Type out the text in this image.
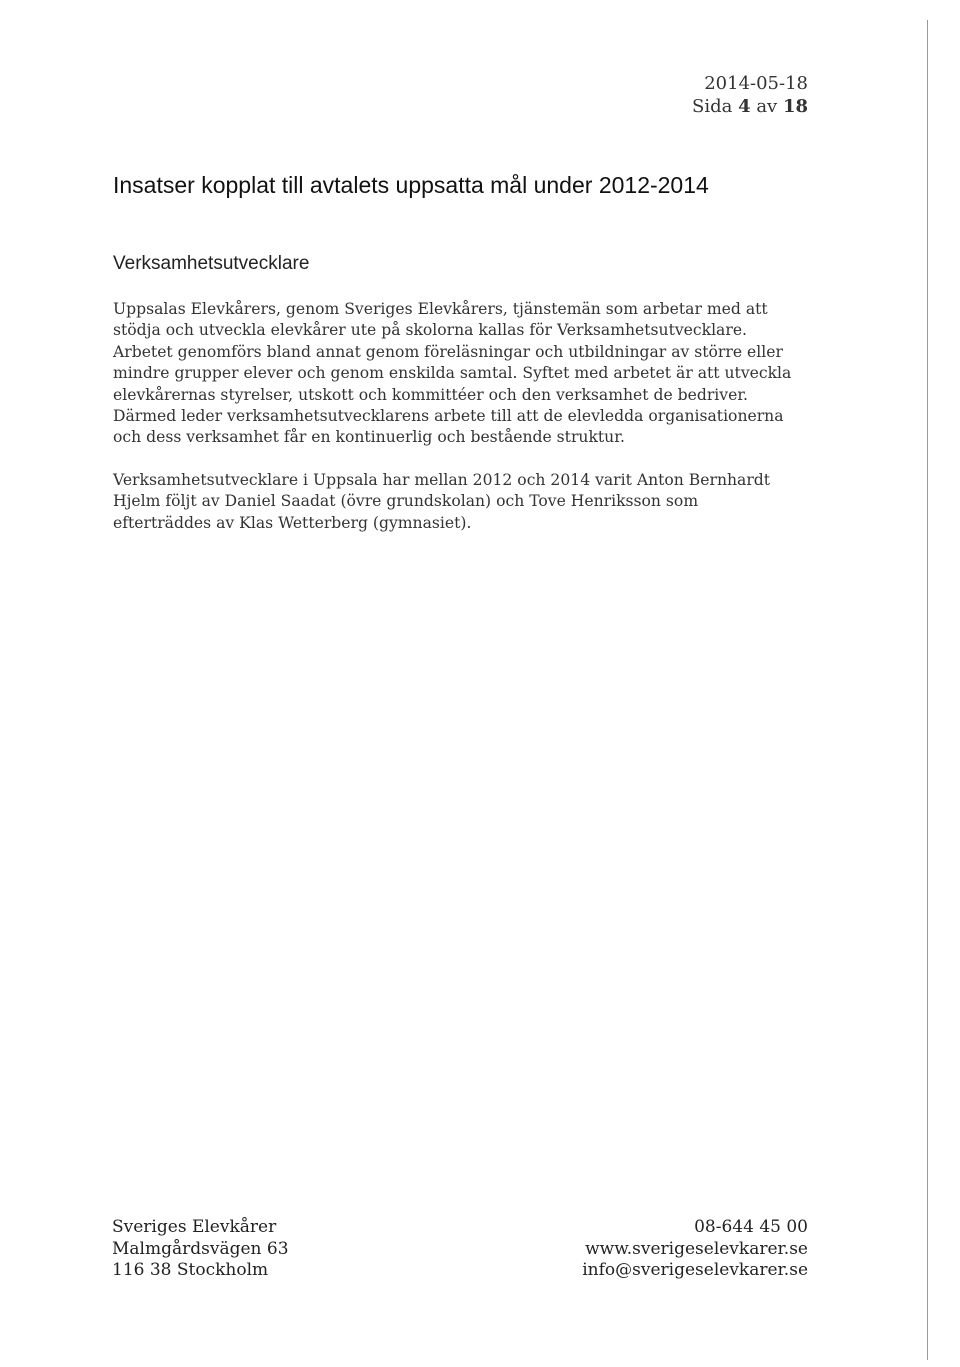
2014-05-18
Sida 4 av 18
Insatser kopplat till avtalets uppsatta mål under 2012-2014
Verksamhetsutvecklare
Uppsalas Elevkårers, genom Sveriges Elevkårers, tjänstemän som arbetar med att
stödja och utveckla elevkårer ute på skolorna kallas för Verksamhetsutvecklare.
Arbetet genomförs bland annat genom föreläsningar och utbildningar av större eller
mindre grupper elever och genom enskilda samtal. Syftet med arbetet är att utveckla
elevkårernas styrelser, utskott och kommittéer och den verksamhet de bedriver.
Därmed leder verksamhetsutvecklarens arbete till att de elevledda organisationerna
och dess verksamhet får en kontinuerlig och bestående struktur.
Verksamhetsutvecklare i Uppsala har mellan 2012 och 2014 varit Anton Bernhardt
Hjelm följt av Daniel Saadat (övre grundskolan) och Tove Henriksson som
efterträddes av Klas Wetterberg (gymnasiet).
Sveriges Elevkårer
Malmgårdsvägen 63
116 38 Stockholm
08-644 45 00
www.sverigeselevkarer.se
info@sverigeselevkarer.se
